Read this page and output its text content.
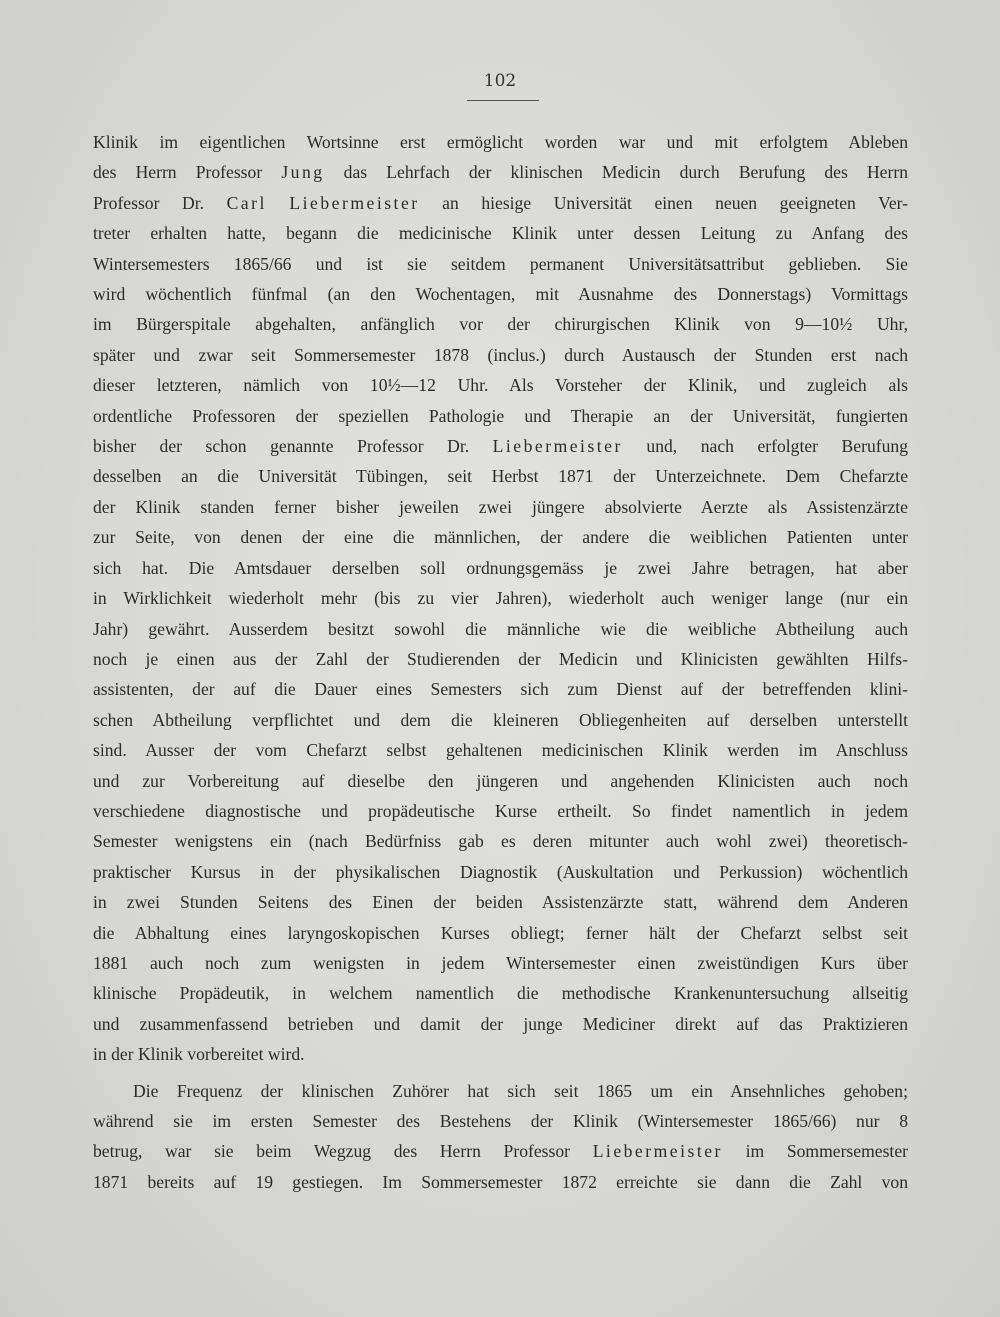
102

Klinik im eigentlichen Wortsinne erst ermöglicht worden war und mit erfolgtem Ableben

des Herrn Professor Jung das Lehrfach der klinischen Medicin durch Berufung des Herrn

Professor Dr. Carl Liebermeister an hiesige Universität einen neuen geeigneten Ver-

treter erhalten hatte, begann die medicinische Klinik unter dessen Leitung zu Anfang des

Wintersemesters 1865/66 und ist sie seitdem permanent Universitätsattribut geblieben. Sie

wird wöchentlich fünfmal (an den Wochentagen, mit Ausnahme des Donnerstags) Vormittags

im Bürgerspitale abgehalten, anfänglich vor der chirurgischen Klinik von 9—10½ Uhr,

später und zwar seit Sommersemester 1878 (inclus.) durch Austausch der Stunden erst nach

dieser letzteren, nämlich von 10½—12 Uhr. Als Vorsteher der Klinik, und zugleich als

ordentliche Professoren der speziellen Pathologie und Therapie an der Universität, fungierten

bisher der schon genannte Professor Dr. Liebermeister und, nach erfolgter Berufung

desselben an die Universität Tübingen, seit Herbst 1871 der Unterzeichnete. Dem Chefarzte

der Klinik standen ferner bisher jeweilen zwei jüngere absolvierte Aerzte als Assistenzärzte

zur Seite, von denen der eine die männlichen, der andere die weiblichen Patienten unter

sich hat. Die Amtsdauer derselben soll ordnungsgemäss je zwei Jahre betragen, hat aber

in Wirklichkeit wiederholt mehr (bis zu vier Jahren), wiederholt auch weniger lange (nur ein

Jahr) gewährt. Ausserdem besitzt sowohl die männliche wie die weibliche Abtheilung auch

noch je einen aus der Zahl der Studierenden der Medicin und Klinicisten gewählten Hilfs-

assistenten, der auf die Dauer eines Semesters sich zum Dienst auf der betreffenden klini-

schen Abtheilung verpflichtet und dem die kleineren Obliegenheiten auf derselben unterstellt

sind. Ausser der vom Chefarzt selbst gehaltenen medicinischen Klinik werden im Anschluss

und zur Vorbereitung auf dieselbe den jüngeren und angehenden Klinicisten auch noch

verschiedene diagnostische und propädeutische Kurse ertheilt. So findet namentlich in jedem

Semester wenigstens ein (nach Bedürfniss gab es deren mitunter auch wohl zwei) theoretisch-

praktischer Kursus in der physikalischen Diagnostik (Auskultation und Perkussion) wöchentlich

in zwei Stunden Seitens des Einen der beiden Assistenzärzte statt, während dem Anderen

die Abhaltung eines laryngoskopischen Kurses obliegt; ferner hält der Chefarzt selbst seit

1881 auch noch zum wenigsten in jedem Wintersemester einen zweistündigen Kurs über

klinische Propädeutik, in welchem namentlich die methodische Krankenuntersuchung allseitig

und zusammenfassend betrieben und damit der junge Mediciner direkt auf das Praktizieren

in der Klinik vorbereitet wird.

Die Frequenz der klinischen Zuhörer hat sich seit 1865 um ein Ansehnliches gehoben;

während sie im ersten Semester des Bestehens der Klinik (Wintersemester 1865/66) nur 8

betrug, war sie beim Wegzug des Herrn Professor Liebermeister im Sommersemester

1871 bereits auf 19 gestiegen. Im Sommersemester 1872 erreichte sie dann die Zahl von
